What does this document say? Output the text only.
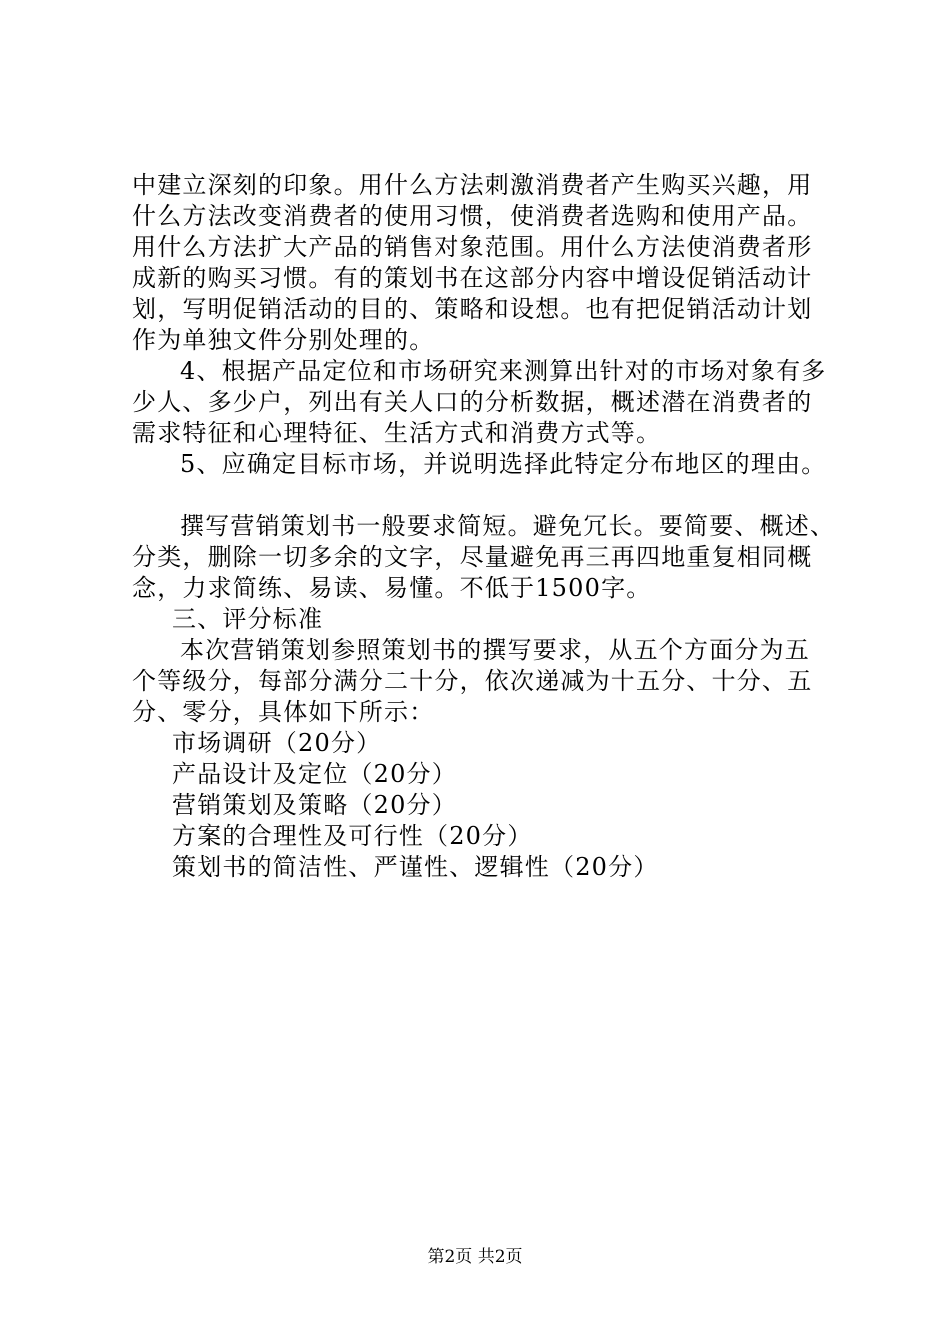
中建立深刻的印象。用什么方法刺激消费者产生购买兴趣，用
什么方法改变消费者的使用习惯，使消费者选购和使用产品。
用什么方法扩大产品的销售对象范围。用什么方法使消费者形
成新的购买习惯。有的策划书在这部分内容中增设促销活动计
划，写明促销活动的目的、策略和设想。也有把促销活动计划
作为单独文件分别处理的。
4、根据产品定位和市场研究来测算出针对的市场对象有多
少人、多少户，列出有关人口的分析数据，概述潜在消费者的
需求特征和心理特征、生活方式和消费方式等。
5、应确定目标市场，并说明选择此特定分布地区的理由。
撰写营销策划书一般要求简短。避免冗长。要简要、概述、
分类，删除一切多余的文字，尽量避免再三再四地重复相同概
念，力求简练、易读、易懂。不低于1500字。
三、评分标准
本次营销策划参照策划书的撰写要求，从五个方面分为五
个等级分，每部分满分二十分，依次递减为十五分、十分、五
分、零分，具体如下所示：
市场调研（20分）
产品设计及定位（20分）
营销策划及策略（20分）
方案的合理性及可行性（20分）
策划书的简洁性、严谨性、逻辑性（20分）
第2页 共2页
